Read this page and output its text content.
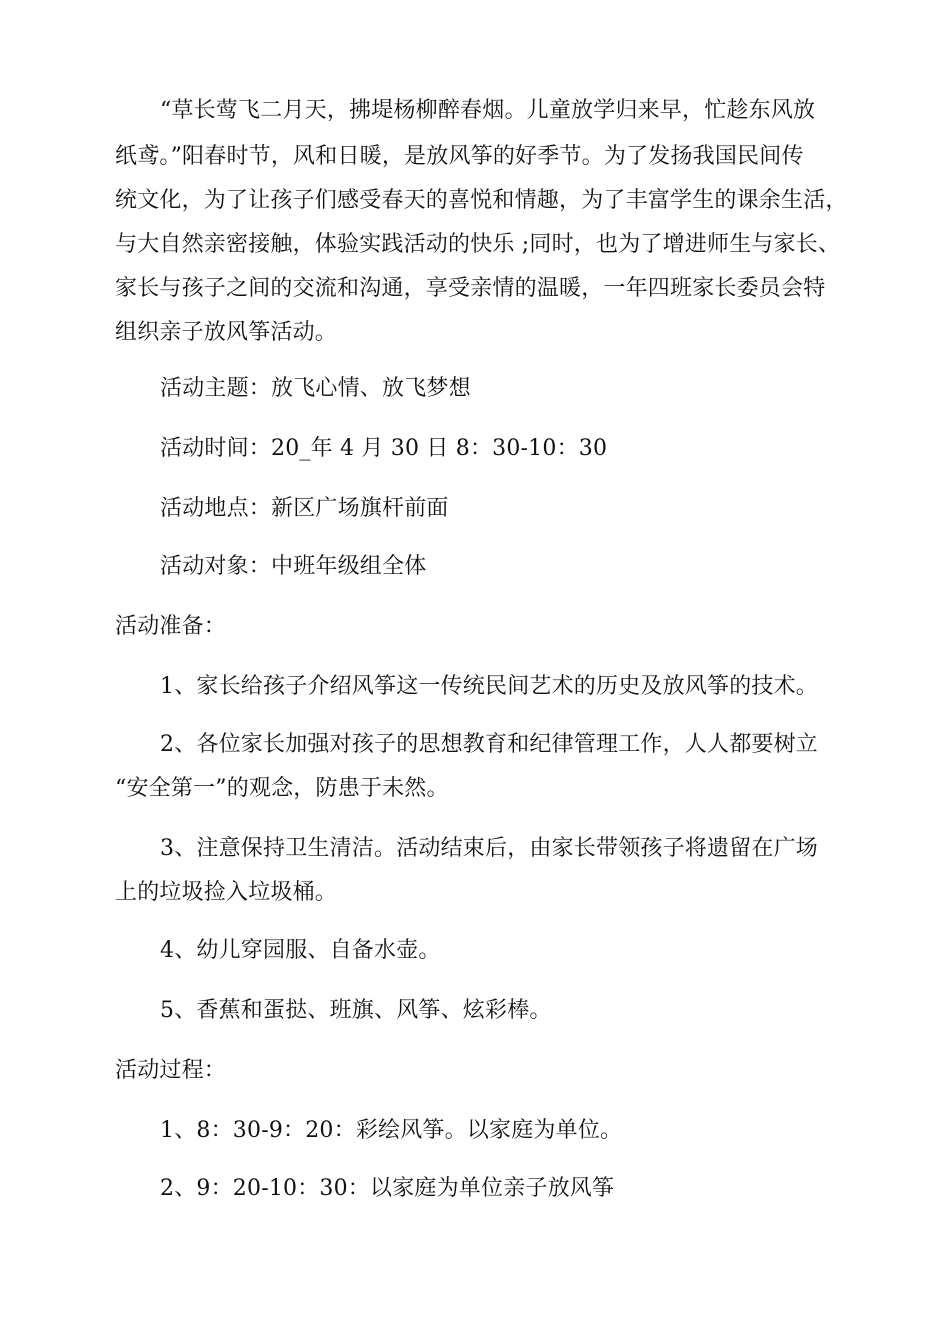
“草长莺飞二月天，拂堤杨柳醉春烟。儿童放学归来早，忙趁东风放
纸鸢。”阳春时节，风和日暖，是放风筝的好季节。为了发扬我国民间传
统文化，为了让孩子们感受春天的喜悦和情趣，为了丰富学生的课余生活，
与大自然亲密接触，体验实践活动的快乐 ;同时，也为了增进师生与家长、
家长与孩子之间的交流和沟通，享受亲情的温暖，一年四班家长委员会特
组织亲子放风筝活动。
活动主题：放飞心情、放飞梦想
活动时间：20_年 4 月 30 日 8：30-10：30
活动地点：新区广场旗杆前面
活动对象：中班年级组全体
活动准备：
1、家长给孩子介绍风筝这一传统民间艺术的历史及放风筝的技术。
2、各位家长加强对孩子的思想教育和纪律管理工作，人人都要树立
“安全第一”的观念，防患于未然。
3、注意保持卫生清洁。活动结束后，由家长带领孩子将遗留在广场
上的垃圾捡入垃圾桶。
4、幼儿穿园服、自备水壶。
5、香蕉和蛋挞、班旗、风筝、炫彩棒。
活动过程：
1、8：30-9：20：彩绘风筝。以家庭为单位。
2、9：20-10：30：以家庭为单位亲子放风筝
